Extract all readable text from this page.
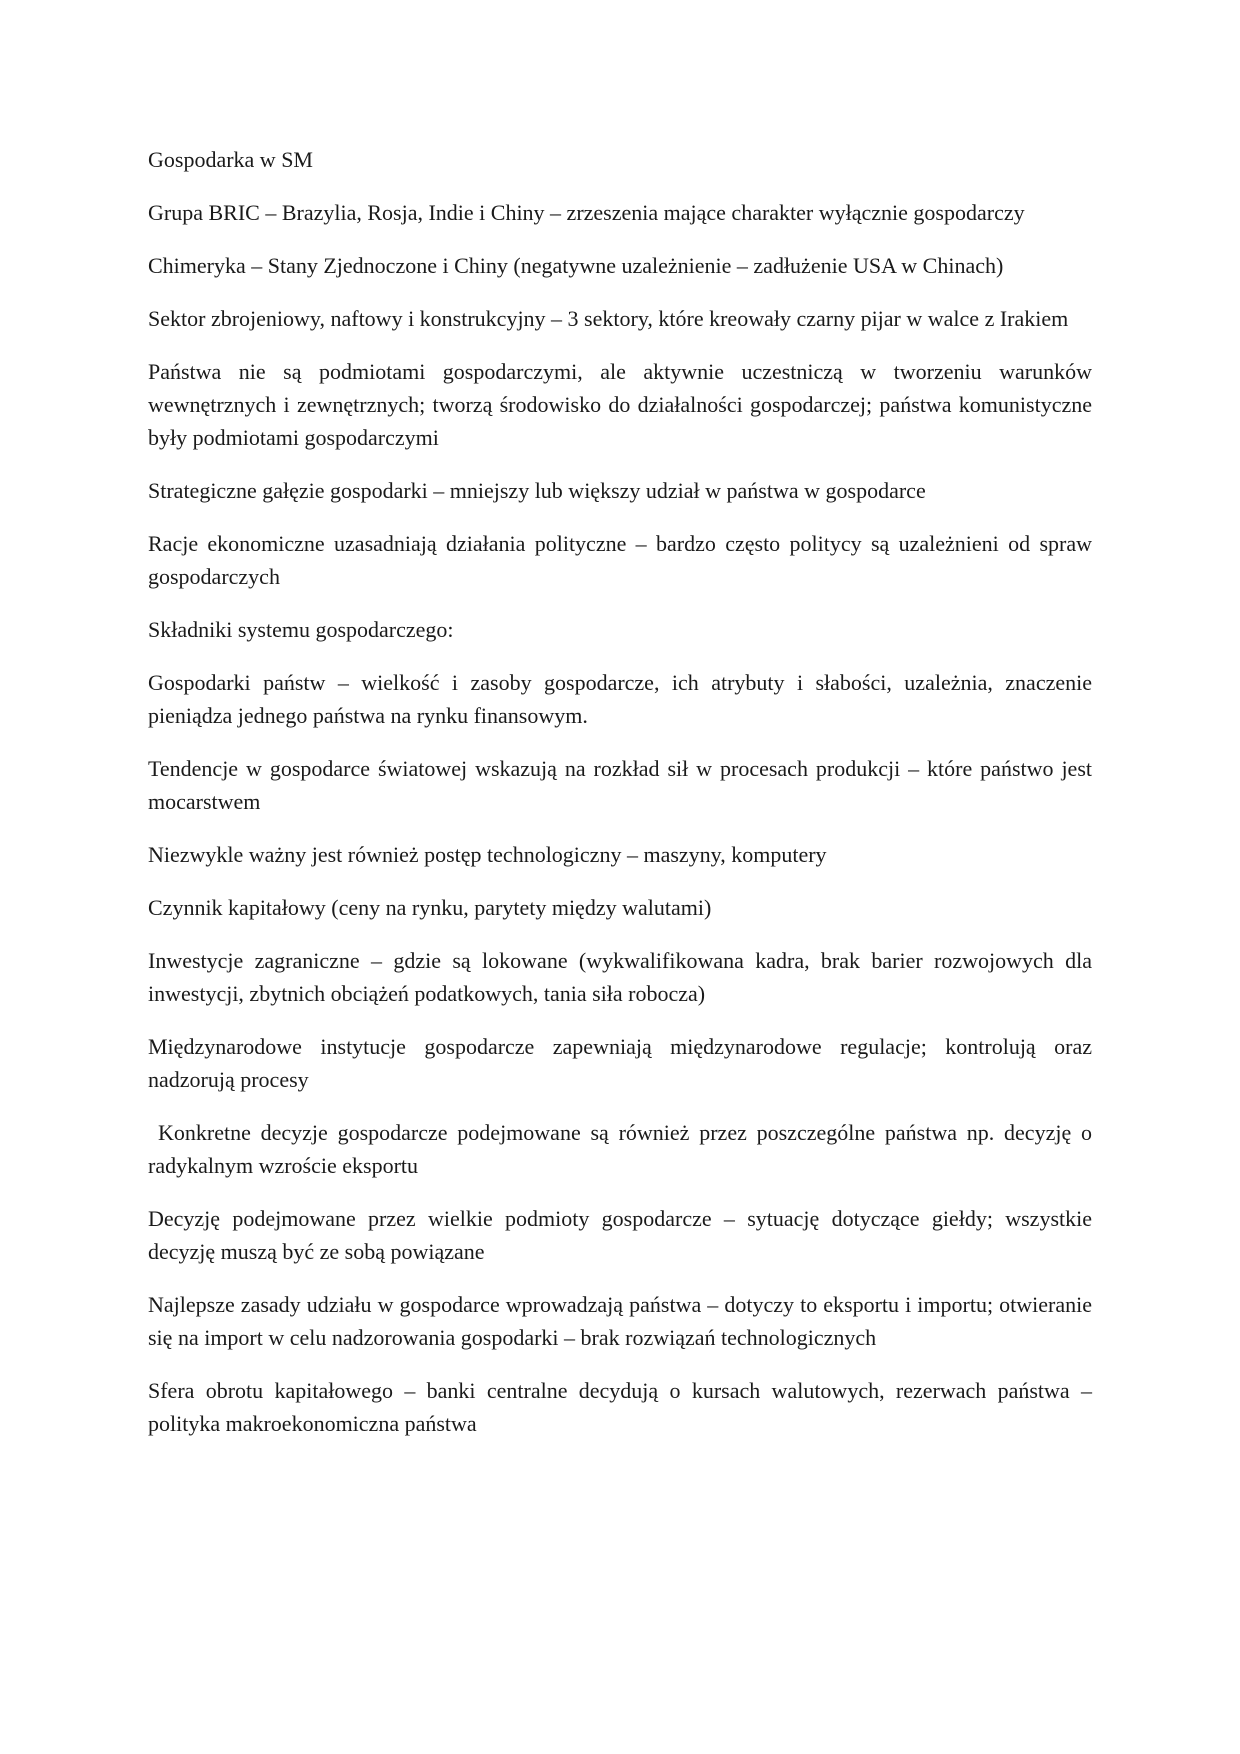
Gospodarka w SM

Grupa BRIC – Brazylia, Rosja, Indie i Chiny – zrzeszenia mające charakter wyłącznie gospodarczy

Chimeryka – Stany Zjednoczone i Chiny (negatywne uzależnienie – zadłużenie USA w Chinach)

Sektor zbrojeniowy, naftowy i konstrukcyjny – 3 sektory, które kreowały czarny pijar w walce z Irakiem

Państwa nie są podmiotami gospodarczymi, ale aktywnie uczestniczą w tworzeniu warunków wewnętrznych i zewnętrznych; tworzą środowisko do działalności gospodarczej; państwa komunistyczne były podmiotami gospodarczymi

Strategiczne gałęzie gospodarki – mniejszy lub większy udział w państwa w gospodarce

Racje ekonomiczne uzasadniają działania polityczne – bardzo często politycy są uzależnieni od spraw gospodarczych

Składniki systemu gospodarczego:

Gospodarki państw – wielkość i zasoby gospodarcze, ich atrybuty i słabości, uzależnia, znaczenie pieniądza jednego państwa na rynku finansowym.

Tendencje w gospodarce światowej wskazują na rozkład sił w procesach produkcji – które państwo jest mocarstwem

Niezwykle ważny jest również postęp technologiczny – maszyny, komputery

Czynnik kapitałowy (ceny na rynku, parytety między walutami)

Inwestycje zagraniczne – gdzie są lokowane (wykwalifikowana kadra, brak barier rozwojowych dla inwestycji, zbytnich obciążeń podatkowych, tania siła robocza)

Międzynarodowe instytucje gospodarcze zapewniają międzynarodowe regulacje; kontrolują oraz nadzorują procesy

Konkretne decyzje gospodarcze podejmowane są również przez poszczególne państwa np. decyzję o radykalnym wzroście eksportu

Decyzję podejmowane przez wielkie podmioty gospodarcze – sytuację dotyczące giełdy; wszystkie decyzję muszą być ze sobą powiązane

Najlepsze zasady udziału w gospodarce wprowadzają państwa – dotyczy to eksportu i importu; otwieranie się na import w celu nadzorowania gospodarki – brak rozwiązań technologicznych

Sfera obrotu kapitałowego – banki centralne decydują o kursach walutowych, rezerwach państwa – polityka makroekonomiczna państwa
